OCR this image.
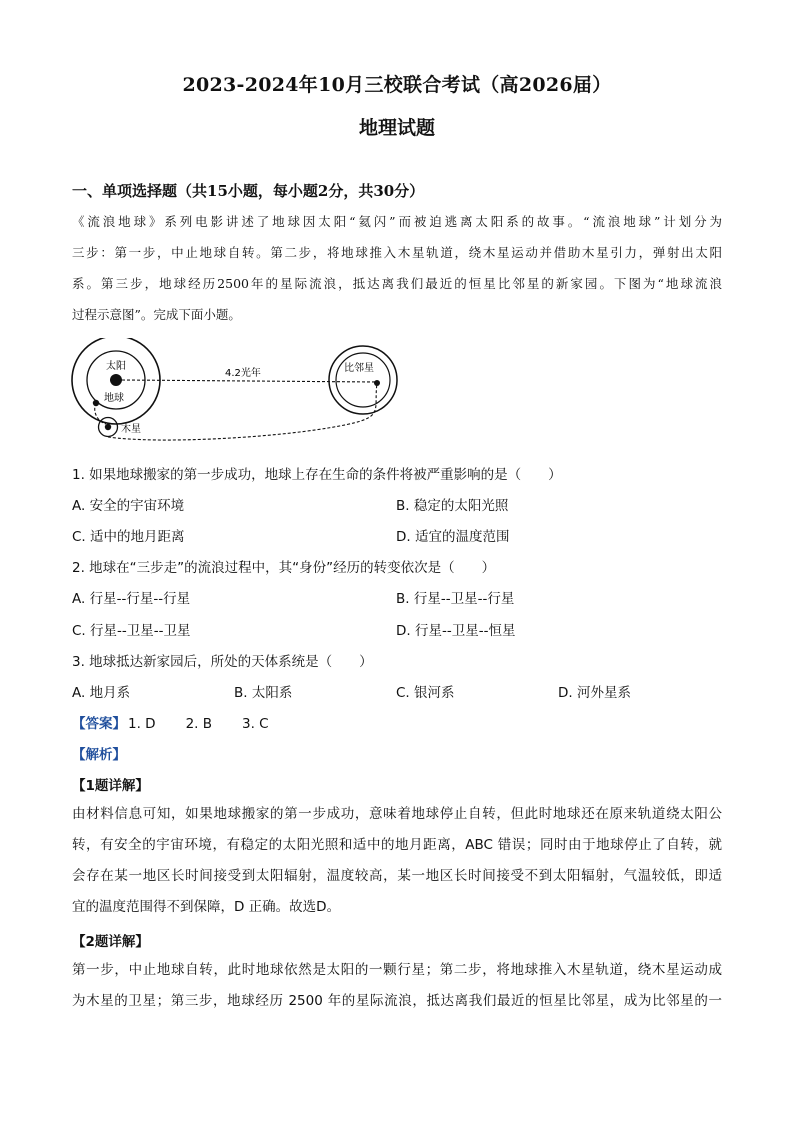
2023-2024年10月三校联合考试（高2026届）
地理试题
一、单项选择题（共15小题，每小题2分，共30分）
《流浪地球》系列电影讲述了地球因太阳“氦闪”而被迫逃离太阳系的故事。“流浪地球”计划分为
三步：第一步，中止地球自转。第二步，将地球推入木星轨道，绕木星运动并借助木星引力，弹射出太阳
系。第三步，地球经历2500年的星际流浪，抵达离我们最近的恒星比邻星的新家园。下图为“地球流浪
过程示意图”。完成下面小题。
太阳
地球
木星
比邻星
4.2光年
1. 如果地球搬家的第一步成功，地球上存在生命的条件将被严重影响的是（　　）
A. 安全的宇宙环境	B. 稳定的太阳光照
C. 适中的地月距离	D. 适宜的温度范围
2. 地球在“三步走”的流浪过程中，其“身份”经历的转变依次是（　　）
A. 行星--行星--行星	B. 行星--卫星--行星
C. 行星--卫星--卫星	D. 行星--卫星--恒星
3. 地球抵达新家园后，所处的天体系统是（　　）
A. 地月系	B. 太阳系	C. 银河系	D. 河外星系
【答案】 1. D 2. B 3. C
【解析】
【1题详解】
由材料信息可知，如果地球搬家的第一步成功，意味着地球停止自转，但此时地球还在原来轨道绕太阳公
转，有安全的宇宙环境，有稳定的太阳光照和适中的地月距离，ABC 错误；同时由于地球停止了自转，就
会存在某一地区长时间接受到太阳辐射，温度较高，某一地区长时间接受不到太阳辐射，气温较低，即适
宜的温度范围得不到保障，D 正确。故选D。
【2题详解】
第一步，中止地球自转，此时地球依然是太阳的一颗行星；第二步，将地球推入木星轨道，绕木星运动成
为木星的卫星；第三步，地球经历 2500 年的星际流浪，抵达离我们最近的恒星比邻星，成为比邻星的一
